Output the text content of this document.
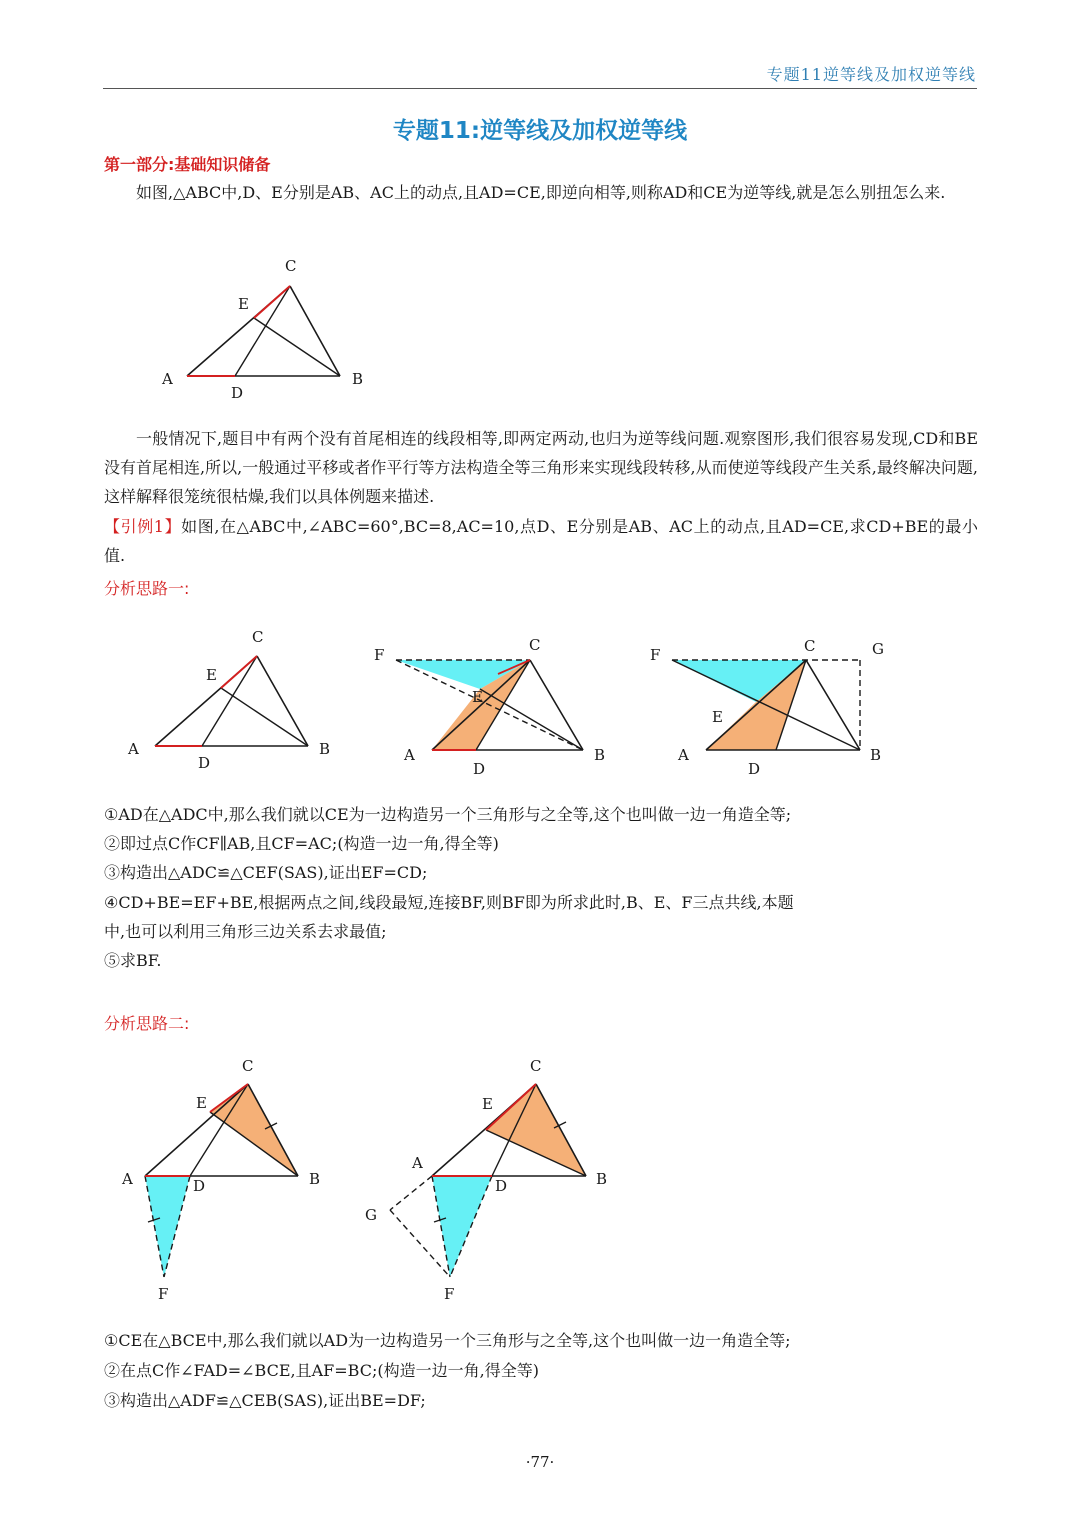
专题11逆等线及加权逆等线
专题11:逆等线及加权逆等线
第一部分:基础知识储备
如图,△ABC中,D、E分别是AB、AC上的动点,且AD=CE,即逆向相等,则称AD和CE为逆等线,就是怎么别扭怎么来.
C
E
A	B
D
一般情况下,题目中有两个没有首尾相连的线段相等,即两定两动,也归为逆等线问题.观察图形,我们很容易发现,CD和BE没有首尾相连,所以,一般通过平移或者作平行等方法构造全等三角形来实现线段转移,从而使逆等线段产生关系,最终解决问题,这样解释很笼统很枯燥,我们以具体例题来描述.
【引例1】如图,在△ABC中,∠ABC=60°,BC=8,AC=10,点D、E分别是AB、AC上的动点,且AD=CE,求CD+BE的最小值.
分析思路一:
C
E
A	B
D
F
C
E
A	B
D
F	C	G
E
A	B
D
①AD在△ADC中,那么我们就以CE为一边构造另一个三角形与之全等,这个也叫做一边一角造全等;
②即过点C作CF∥AB,且CF=AC;(构造一边一角,得全等)
③构造出△ADC≌△CEF(SAS),证出EF=CD;
④CD+BE=EF+BE,根据两点之间,线段最短,连接BF,则BF即为所求此时,B、E、F三点共线,本题
中,也可以利用三角形三边关系去求最值;
⑤求BF.
分析思路二:
C
E
A	B
D
F
C
E
A
B
D
G
F
①CE在△BCE中,那么我们就以AD为一边构造另一个三角形与之全等,这个也叫做一边一角造全等;
②在点C作∠FAD=∠BCE,且AF=BC;(构造一边一角,得全等)
③构造出△ADF≌△CEB(SAS),证出BE=DF;
·77·
